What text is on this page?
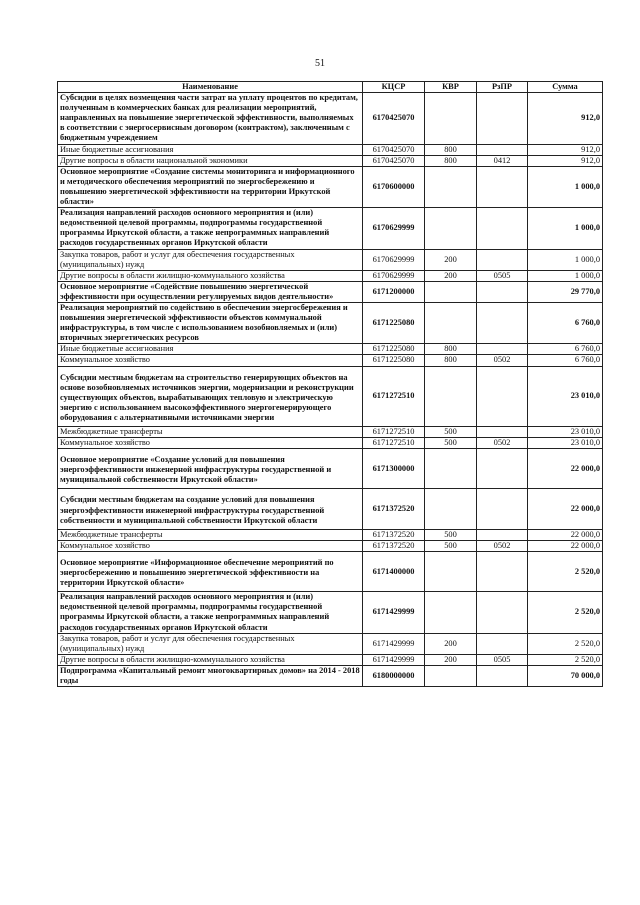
51
Наименование	КЦСР	КВР	РзПР	Сумма
Субсидии в целях возмещения части затрат на уплату процентов по кредитам, полученным в коммерческих банках для реализации мероприятий, направленных на повышение энергетической эффективности, выполняемых в соответствии с энергосервисным договором (контрактом), заключенным с бюджетным учреждением	6170425070			912,0
Иные бюджетные ассигнования	6170425070	800		912,0
Другие вопросы в области национальной экономики	6170425070	800	0412	912,0
Основное мероприятие «Создание системы мониторинга и информационного и методического обеспечения мероприятий по энергосбережению и повышению энергетической эффективности на территории Иркутской области»	6170600000			1 000,0
Реализация направлений расходов основного мероприятия и (или) ведомственной целевой программы, подпрограммы государственной программы Иркутской области, а также непрограммных направлений расходов государственных органов Иркутской области	6170629999			1 000,0
Закупка товаров, работ и услуг для обеспечения государственных (муниципальных) нужд	6170629999	200		1 000,0
Другие вопросы в области жилищно-коммунального хозяйства	6170629999	200	0505	1 000,0
Основное мероприятие «Содействие повышению энергетической эффективности при осуществлении регулируемых видов деятельности»	6171200000			29 770,0
Реализация мероприятий по содействию в обеспечении энергосбережения и повышения энергетической эффективности объектов коммунальной инфраструктуры, в том числе с использованием возобновляемых и (или) вторичных энергетических ресурсов	6171225080			6 760,0
Иные бюджетные ассигнования	6171225080	800		6 760,0
Коммунальное хозяйство	6171225080	800	0502	6 760,0
Субсидии местным бюджетам на строительство генерирующих объектов на основе возобновляемых источников энергии, модернизации и реконструкции существующих объектов, вырабатывающих тепловую и электрическую энергию с использованием высокоэффективного энергогенерирующего оборудования с альтернативными источниками энергии	6171272510			23 010,0
Межбюджетные трансферты	6171272510	500		23 010,0
Коммунальное хозяйство	6171272510	500	0502	23 010,0
Основное мероприятие «Создание условий для повышения энергоэффективности инженерной инфраструктуры государственной и муниципальной собственности Иркутской области»	6171300000			22 000,0
Субсидии местным бюджетам на создание условий для повышения энергоэффективности инженерной инфраструктуры государственной собственности и муниципальной собственности Иркутской области	6171372520			22 000,0
Межбюджетные трансферты	6171372520	500		22 000,0
Коммунальное хозяйство	6171372520	500	0502	22 000,0
Основное мероприятие «Информационное обеспечение мероприятий по энергосбережению и повышению энергетической эффективности на территории Иркутской области»	6171400000			2 520,0
Реализация направлений расходов основного мероприятия и (или) ведомственной целевой программы, подпрограммы государственной программы Иркутской области, а также непрограммных направлений расходов государственных органов Иркутской области	6171429999			2 520,0
Закупка товаров, работ и услуг для обеспечения государственных (муниципальных) нужд	6171429999	200		2 520,0
Другие вопросы в области жилищно-коммунального хозяйства	6171429999	200	0505	2 520,0
Подпрограмма «Капитальный ремонт многоквартирных домов» на 2014 - 2018 годы	6180000000			70 000,0
